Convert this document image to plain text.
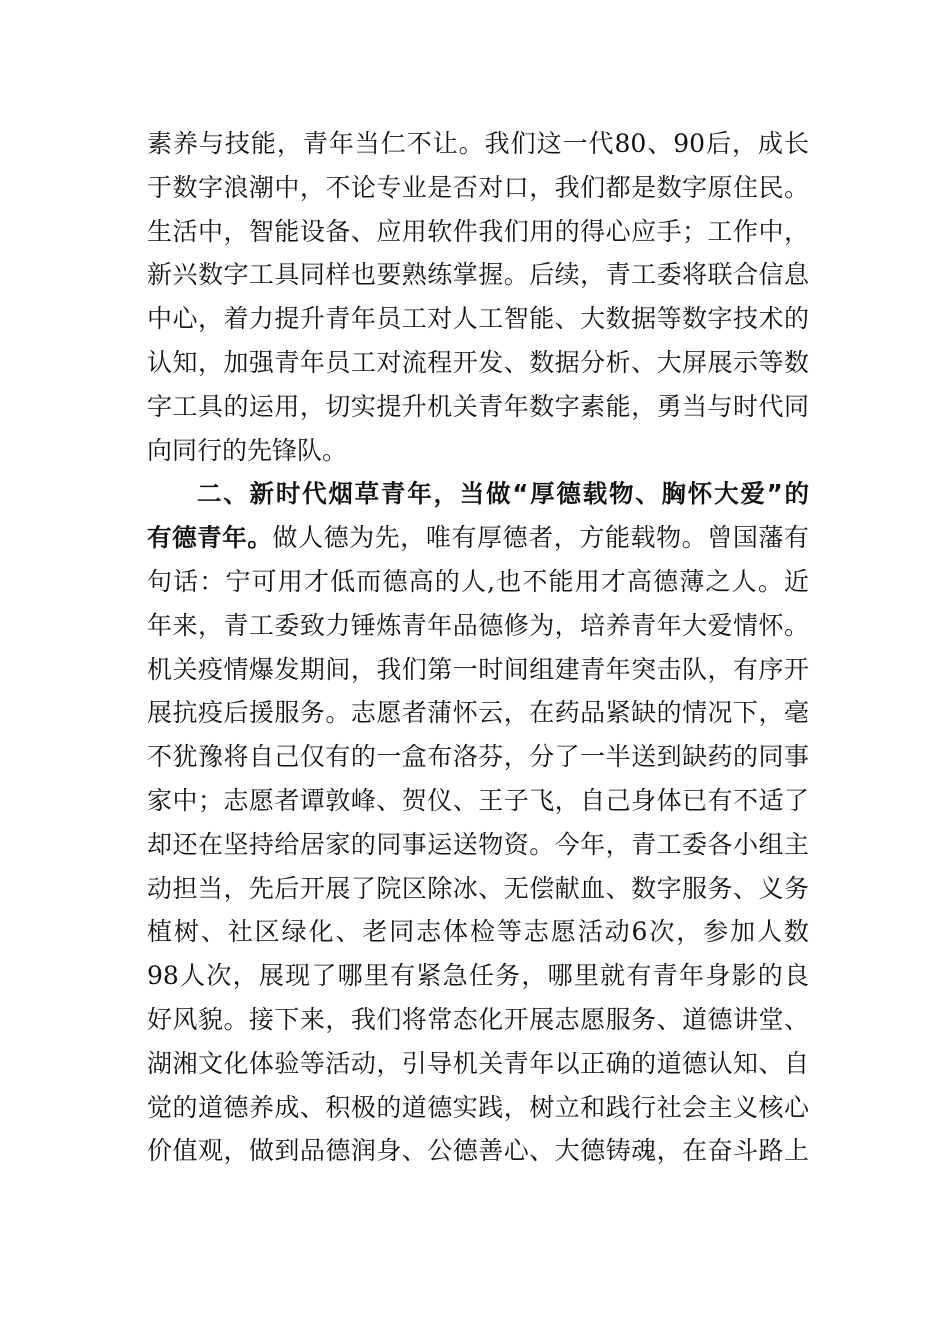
素养与技能，青年当仁不让。我们这一代80、90后，成长
于数字浪潮中，不论专业是否对口，我们都是数字原住民。
生活中，智能设备、应用软件我们用的得心应手；工作中，
新兴数字工具同样也要熟练掌握。后续，青工委将联合信息
中心，着力提升青年员工对人工智能、大数据等数字技术的
认知，加强青年员工对流程开发、数据分析、大屏展示等数
字工具的运用，切实提升机关青年数字素能，勇当与时代同
向同行的先锋队。
二、新时代烟草青年，当做“厚德载物、胸怀大爱”的
有德青年。做人德为先，唯有厚德者，方能载物。曾国藩有
句话：宁可用才低而德高的人,也不能用才高德薄之人。近
年来，青工委致力锤炼青年品德修为，培养青年大爱情怀。
机关疫情爆发期间，我们第一时间组建青年突击队，有序开
展抗疫后援服务。志愿者蒲怀云，在药品紧缺的情况下，毫
不犹豫将自己仅有的一盒布洛芬，分了一半送到缺药的同事
家中；志愿者谭敦峰、贺仪、王子飞，自己身体已有不适了
却还在坚持给居家的同事运送物资。今年，青工委各小组主
动担当，先后开展了院区除冰、无偿献血、数字服务、义务
植树、社区绿化、老同志体检等志愿活动6次，参加人数
98人次，展现了哪里有紧急任务，哪里就有青年身影的良
好风貌。接下来，我们将常态化开展志愿服务、道德讲堂、
湖湘文化体验等活动，引导机关青年以正确的道德认知、自
觉的道德养成、积极的道德实践，树立和践行社会主义核心
价值观，做到品德润身、公德善心、大德铸魂，在奋斗路上
